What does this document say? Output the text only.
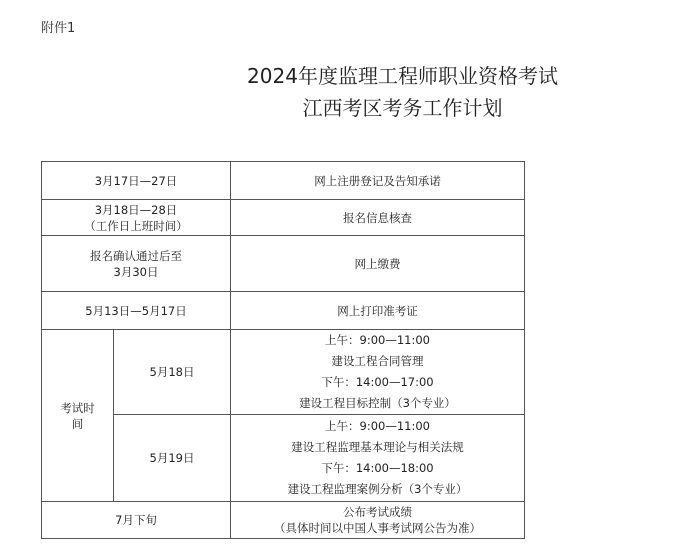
附件1
2024年度监理工程师职业资格考试
江西考区考务工作计划
3月17日—27日		网上注册登记及告知承诺

3月18日—28日
（工作日上班时间）		报名信息核查

报名确认通过后至
3月30日		网上缴费
5月13日—5月17日		网上打印准考证

考试时间	5月18日	上午：9:00—11:00
建设工程合同管理
下午：14:00—17:00
建设工程目标控制（3个专业）

	5月19日	上午：9:00—11:00
建设工程监理基本理论与相关法规
下午：14:00—18:00
建设工程监理案例分析（3个专业）

7月下旬		公布考试成绩
（具体时间以中国人事考试网公告为准）
